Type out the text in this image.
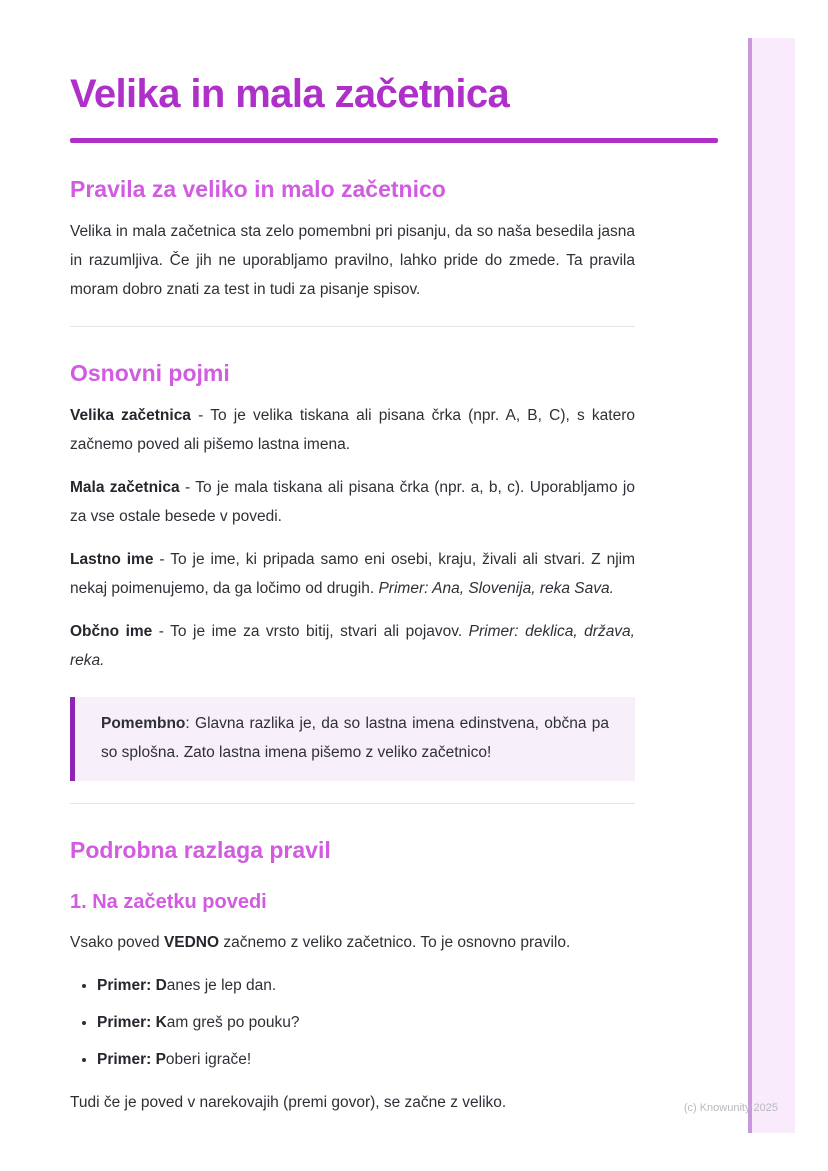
Velika in mala začetnica
Pravila za veliko in malo začetnico

Velika in mala začetnica sta zelo pomembni pri pisanju, da so naša besedila jasna in razumljiva. Če jih ne uporabljamo pravilno, lahko pride do zmede. Ta pravila moram dobro znati za test in tudi za pisanje spisov.

Osnovni pojmi

Velika začetnica - To je velika tiskana ali pisana črka (npr. A, B, C), s katero začnemo poved ali pišemo lastna imena.

Mala začetnica - To je mala tiskana ali pisana črka (npr. a, b, c). Uporabljamo jo za vse ostale besede v povedi.

Lastno ime - To je ime, ki pripada samo eni osebi, kraju, živali ali stvari. Z njim nekaj poimenujemo, da ga ločimo od drugih. Primer: Ana, Slovenija, reka Sava.

Občno ime - To je ime za vrsto bitij, stvari ali pojavov. Primer: deklica, država, reka.

Pomembno: Glavna razlika je, da so lastna imena edinstvena, občna pa so splošna. Zato lastna imena pišemo z veliko začetnico!

Podrobna razlaga pravil
1. Na začetku povedi

Vsako poved VEDNO začnemo z veliko začetnico. To je osnovno pravilo.

• Primer: Danes je lep dan.
• Primer: Kam greš po pouku?
• Primer: Poberi igrače!

Tudi če je poved v narekovajih (premi govor), se začne z veliko.	(c) Knowunity 2025
